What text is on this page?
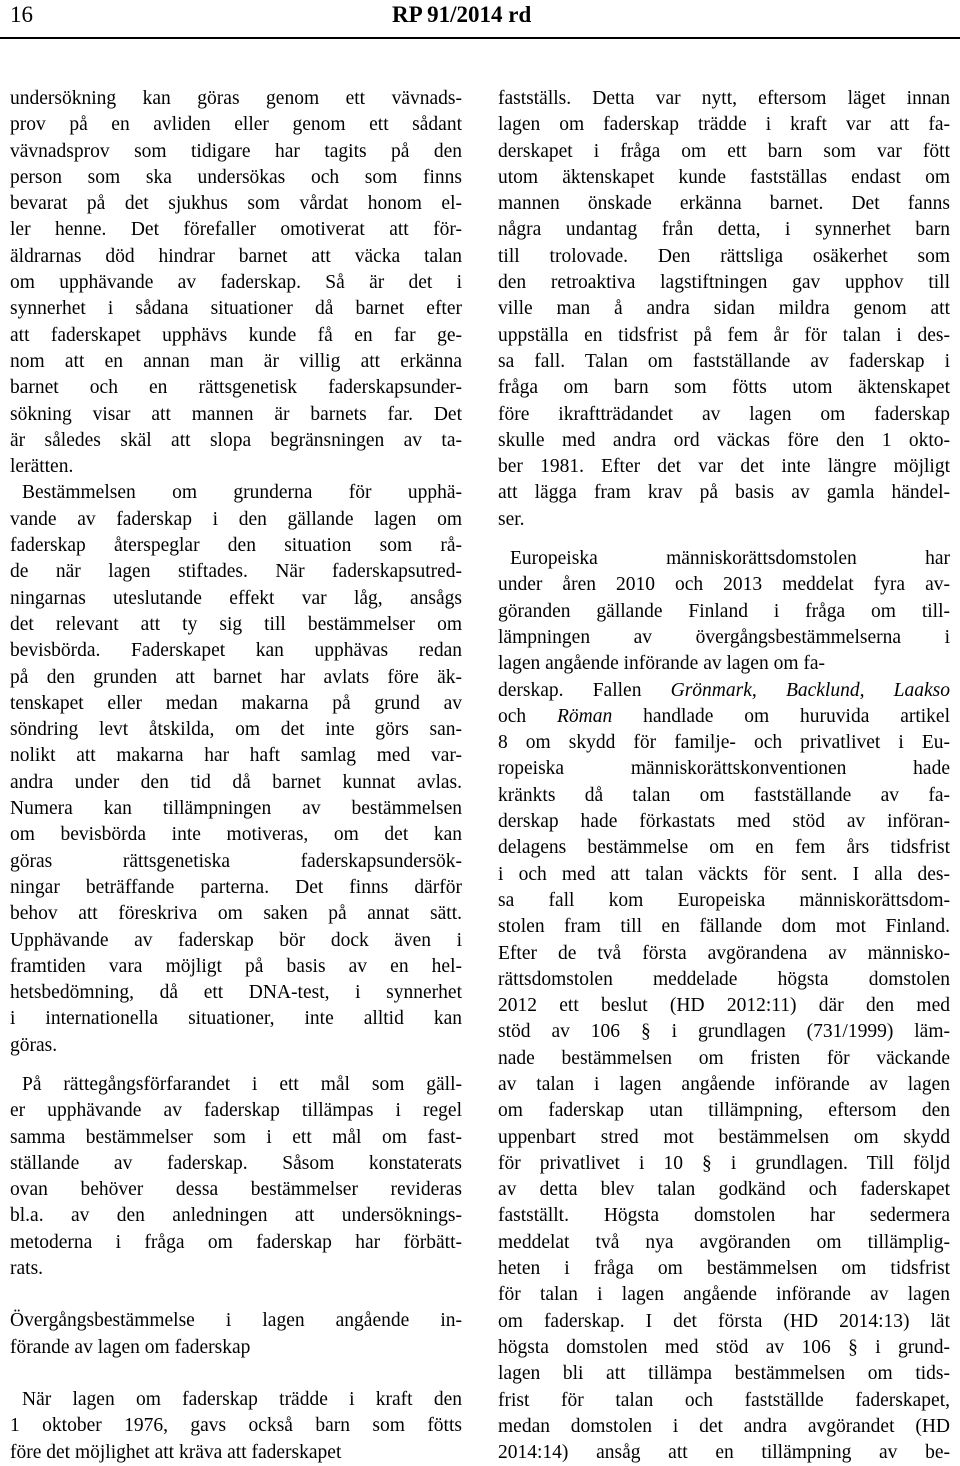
16	RP 91/2014 rd
undersökning kan göras genom ett vävnads-
prov på en avliden eller genom ett sådant
vävnadsprov som tidigare har tagits på den
person som ska undersökas och som finns
bevarat på det sjukhus som vårdat honom el-
ler henne. Det förefaller omotiverat att för-
äldrarnas död hindrar barnet att väcka talan
om upphävande av faderskap. Så är det i
synnerhet i sådana situationer då barnet efter
att faderskapet upphävs kunde få en far ge-
nom att en annan man är villig att erkänna
barnet och en rättsgenetisk faderskapsunder-
sökning visar att mannen är barnets far. Det
är således skäl att slopa begränsningen av ta-
lerätten.
Bestämmelsen om grunderna för upphä-
vande av faderskap i den gällande lagen om
faderskap återspeglar den situation som rå-
de när lagen stiftades. När faderskapsutred-
ningarnas uteslutande effekt var låg, ansågs
det relevant att ty sig till bestämmelser om
bevisbörda. Faderskapet kan upphävas redan
på den grunden att barnet har avlats före äk-
tenskapet eller medan makarna på grund av
söndring levt åtskilda, om det inte görs san-
nolikt att makarna har haft samlag med var-
andra under den tid då barnet kunnat avlas.
Numera kan tillämpningen av bestämmelsen
om bevisbörda inte motiveras, om det kan
göras rättsgenetiska faderskapsundersök-
ningar beträffande parterna. Det finns därför
behov att föreskriva om saken på annat sätt.
Upphävande av faderskap bör dock även i
framtiden vara möjligt på basis av en hel-
hetsbedömning, då ett DNA-test, i synnerhet
i internationella situationer, inte alltid kan
göras.
På rättegångsförfarandet i ett mål som gäll-
er upphävande av faderskap tillämpas i regel
samma bestämmelser som i ett mål om fast-
ställande av faderskap. Såsom konstaterats
ovan behöver dessa bestämmelser revideras
bl.a. av den anledningen att undersöknings-
metoderna i fråga om faderskap har förbätt-
rats.
Övergångsbestämmelse i lagen angående in-
förande av lagen om faderskap
När lagen om faderskap trädde i kraft den
1 oktober 1976, gavs också barn som fötts
före det möjlighet att kräva att faderskapet
fastställs. Detta var nytt, eftersom läget innan
lagen om faderskap trädde i kraft var att fa-
derskapet i fråga om ett barn som var fött
utom äktenskapet kunde fastställas endast om
mannen önskade erkänna barnet. Det fanns
några undantag från detta, i synnerhet barn
till trolovade. Den rättsliga osäkerhet som
den retroaktiva lagstiftningen gav upphov till
ville man å andra sidan mildra genom att
uppställa en tidsfrist på fem år för talan i des-
sa fall. Talan om fastställande av faderskap i
fråga om barn som fötts utom äktenskapet
före ikraftträdandet av lagen om faderskap
skulle med andra ord väckas före den 1 okto-
ber 1981. Efter det var det inte längre möjligt
att lägga fram krav på basis av gamla händel-
ser.
Europeiska människorättsdomstolen har
under åren 2010 och 2013 meddelat fyra av-
göranden gällande Finland i fråga om till-
lämpningen av övergångsbestämmelserna i
lagen angående införande av lagen om fa-
derskap. Fallen Grönmark, Backlund, Laakso
och Röman handlade om huruvida artikel
8 om skydd för familje- och privatlivet i Eu-
ropeiska människorättskonventionen hade
kränkts då talan om fastställande av fa-
derskap hade förkastats med stöd av införan-
delagens bestämmelse om en fem års tidsfrist
i och med att talan väckts för sent. I alla des-
sa fall kom Europeiska människorättsdom-
stolen fram till en fällande dom mot Finland.
Efter de två första avgörandena av människo-
rättsdomstolen meddelade högsta domstolen
2012 ett beslut (HD 2012:11) där den med
stöd av 106 § i grundlagen (731/1999) läm-
nade bestämmelsen om fristen för väckande
av talan i lagen angående införande av lagen
om faderskap utan tillämpning, eftersom den
uppenbart stred mot bestämmelsen om skydd
för privatlivet i 10 § i grundlagen. Till följd
av detta blev talan godkänd och faderskapet
fastställt. Högsta domstolen har sedermera
meddelat två nya avgöranden om tillämplig-
heten i fråga om bestämmelsen om tidsfrist
för talan i lagen angående införande av lagen
om faderskap. I det första (HD 2014:13) lät
högsta domstolen med stöd av 106 § i grund-
lagen bli att tillämpa bestämmelsen om tids-
frist för talan och fastställde faderskapet,
medan domstolen i det andra avgörandet (HD
2014:14) ansåg att en tillämpning av be-
